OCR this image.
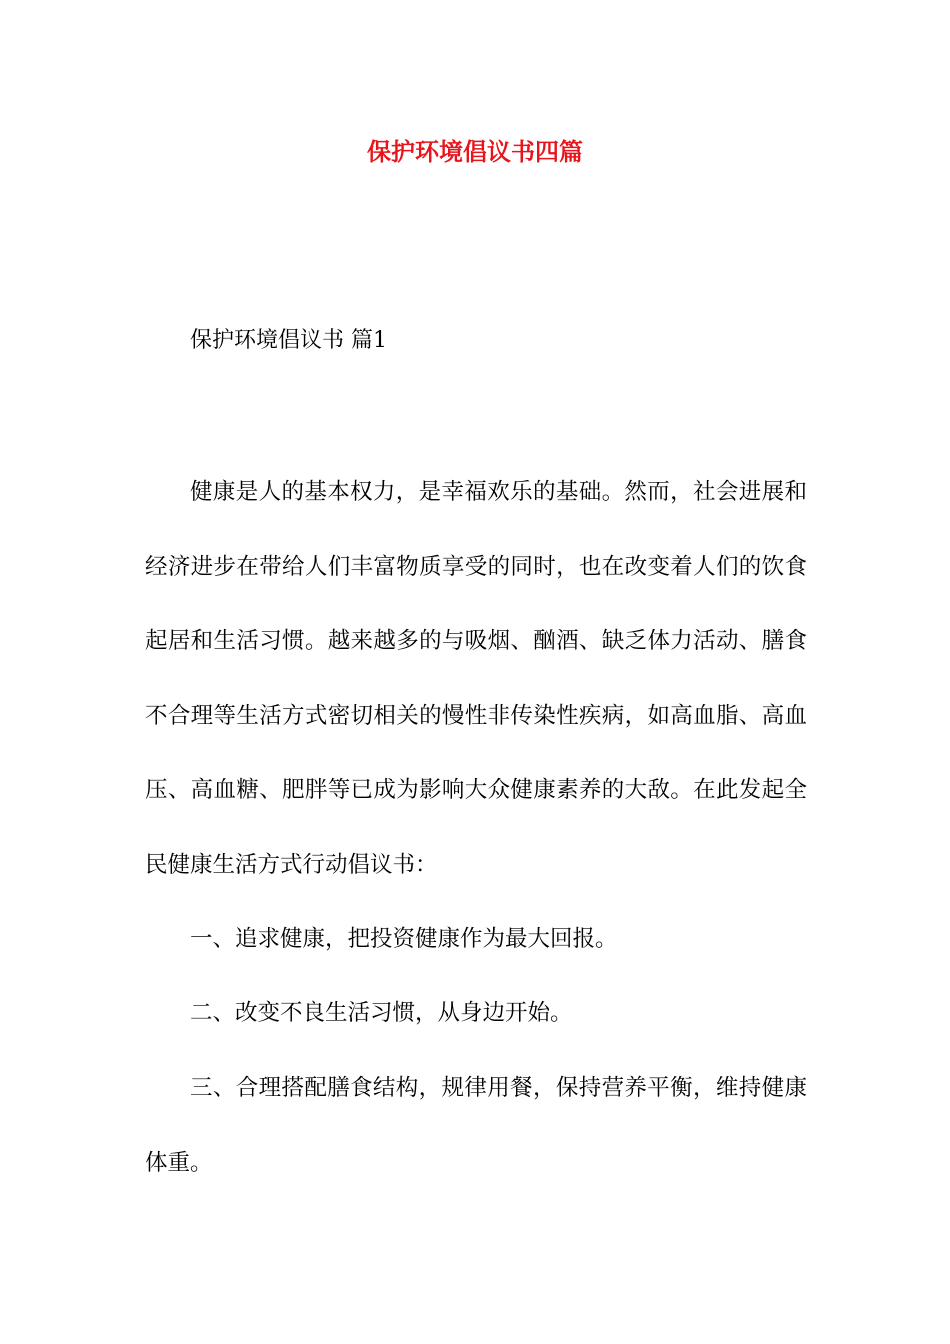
保护环境倡议书四篇
保护环境倡议书 篇1

健康是人的基本权力，是幸福欢乐的基础。然而，社会进展和经济进步在带给人们丰富物质享受的同时，也在改变着人们的饮食起居和生活习惯。越来越多的与吸烟、酗酒、缺乏体力活动、膳食不合理等生活方式密切相关的慢性非传染性疾病，如高血脂、高血压、高血糖、肥胖等已成为影响大众健康素养的大敌。在此发起全民健康生活方式行动倡议书：

一、追求健康，把投资健康作为最大回报。

二、改变不良生活习惯，从身边开始。

三、合理搭配膳食结构，规律用餐，保持营养平衡，维持健康体重。
